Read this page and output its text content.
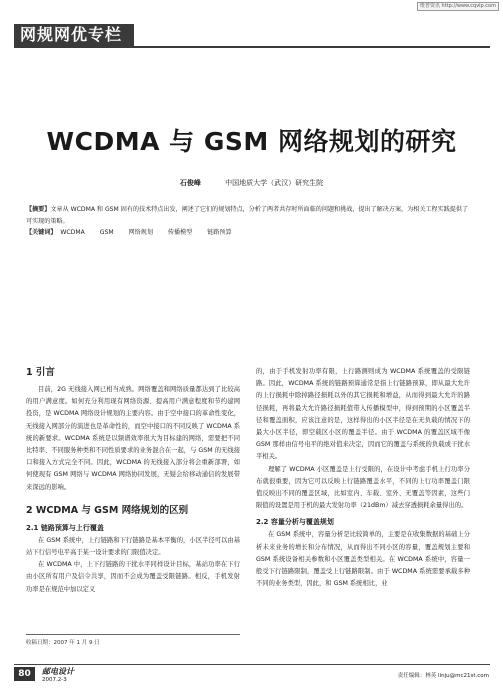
维普资讯 http://www.cqvip.com
网规网优专栏
WCDMA 与 GSM 网络规划的研究
石俊峰	中国地质大学（武汉）研究生院
【摘要】文章从 WCDMA 和 GSM 固有的技术特点出发，阐述了它们的规划特点，分析了两者共存时所面临的问题和挑战，提出了解决方案，为相关工程实践提供了可实现的策略。
【关键词】 WCDMA GSM 网络规划 传播模型 链路预算

1 引言

目前，2G 无线接入网已相当成熟。网络覆盖和网络质量都达到了比较高的用户满意度。如何充分利用现有网络资源、提高用户满意程度和节约建网投资，是 WCDMA 网络设计规划的主要内容。由于空中接口的革命性变化，无线接入网部分的演进也是革命性的，而空中接口的不同反映了 WCDMA 系统的新要求。WCDMA 系统是以频谱效率很大为目标建的网络，需要把不同比特率、不同服务种类和不同性质要求的业务混合在一起，与 GSM 的无线接口和接入方式完全不同。因此，WCDMA 的无线接入部分将会重新部署，如何使现有 GSM 网络与 WCDMA 网络协同发展，无疑会给移动通信的发展带来深远的影响。

2 WCDMA 与 GSM 网络规划的区别

2.1 链路预算与上行覆盖

在 GSM 系统中，上行链路和下行链路是基本平衡的，小区半径可以由基站下行信号电平高于某一设计要求的门限值决定。

在 WCDMA 中，上下行链路的干扰水平同样设计目标，基站功率在下行由小区所有用户及信令共享，因而不会成为覆盖受限链路。相反，手机发射功率是在规范中加以定义

收稿日期：2007 年 1 月 9 日

的，由于手机发射功率有限，上行路测则成为 WCDMA 系统覆盖的受限链路。因此，WCDMA 系统的链路预算通常是指上行链路预算，即从最大允许的上行损耗中除掉路径损耗以外的其它损耗和增益，从而得到最大允许的路径损耗，再将最大允许路径损耗值带入传播模型中，得到预期的小区覆盖半径和覆盖面积，应该注意的是，这样得出的小区半径是在无负载的情况下的最大小区半径，即空载区小区的覆盖半径。由于 WCDMA 的覆盖区域不像 GSM 那样由信号电平的绝对值来决定，因而它的覆盖与系统的负载或干扰水平相关。

理解了 WCDMA 小区覆盖是上行受限的，在设计中考虑手机上行功率分布就很重要，因为它可以反映上行链路覆盖水平，不同的上行功率覆盖门限值反映出不同的覆盖区域，比如室内、车载、室外、无覆盖等因素，这些门限值的设置是用于机的最大发射功率（21dBm）减去穿透损耗余量得出的。

2.2 容量分析与覆盖规划

在 GSM 系统中，容量分析是比较简单的，主要是在收集数据的基础上分析未来业务的增长和分布情况，从而得出不同小区的容量，覆盖规划主要和 GSM 系统设备相关参数和小区覆盖类型相关。在 WCDMA 系统中，容量一般受下行链路限制，覆盖受上行链路限制。由于 WCDMA 系统需要承载多种不同的业务类型，因此，和 GSM 系统相比，业

80	邮电设计
2007.2-3
责任编辑：林英 linju@mc21st.com
